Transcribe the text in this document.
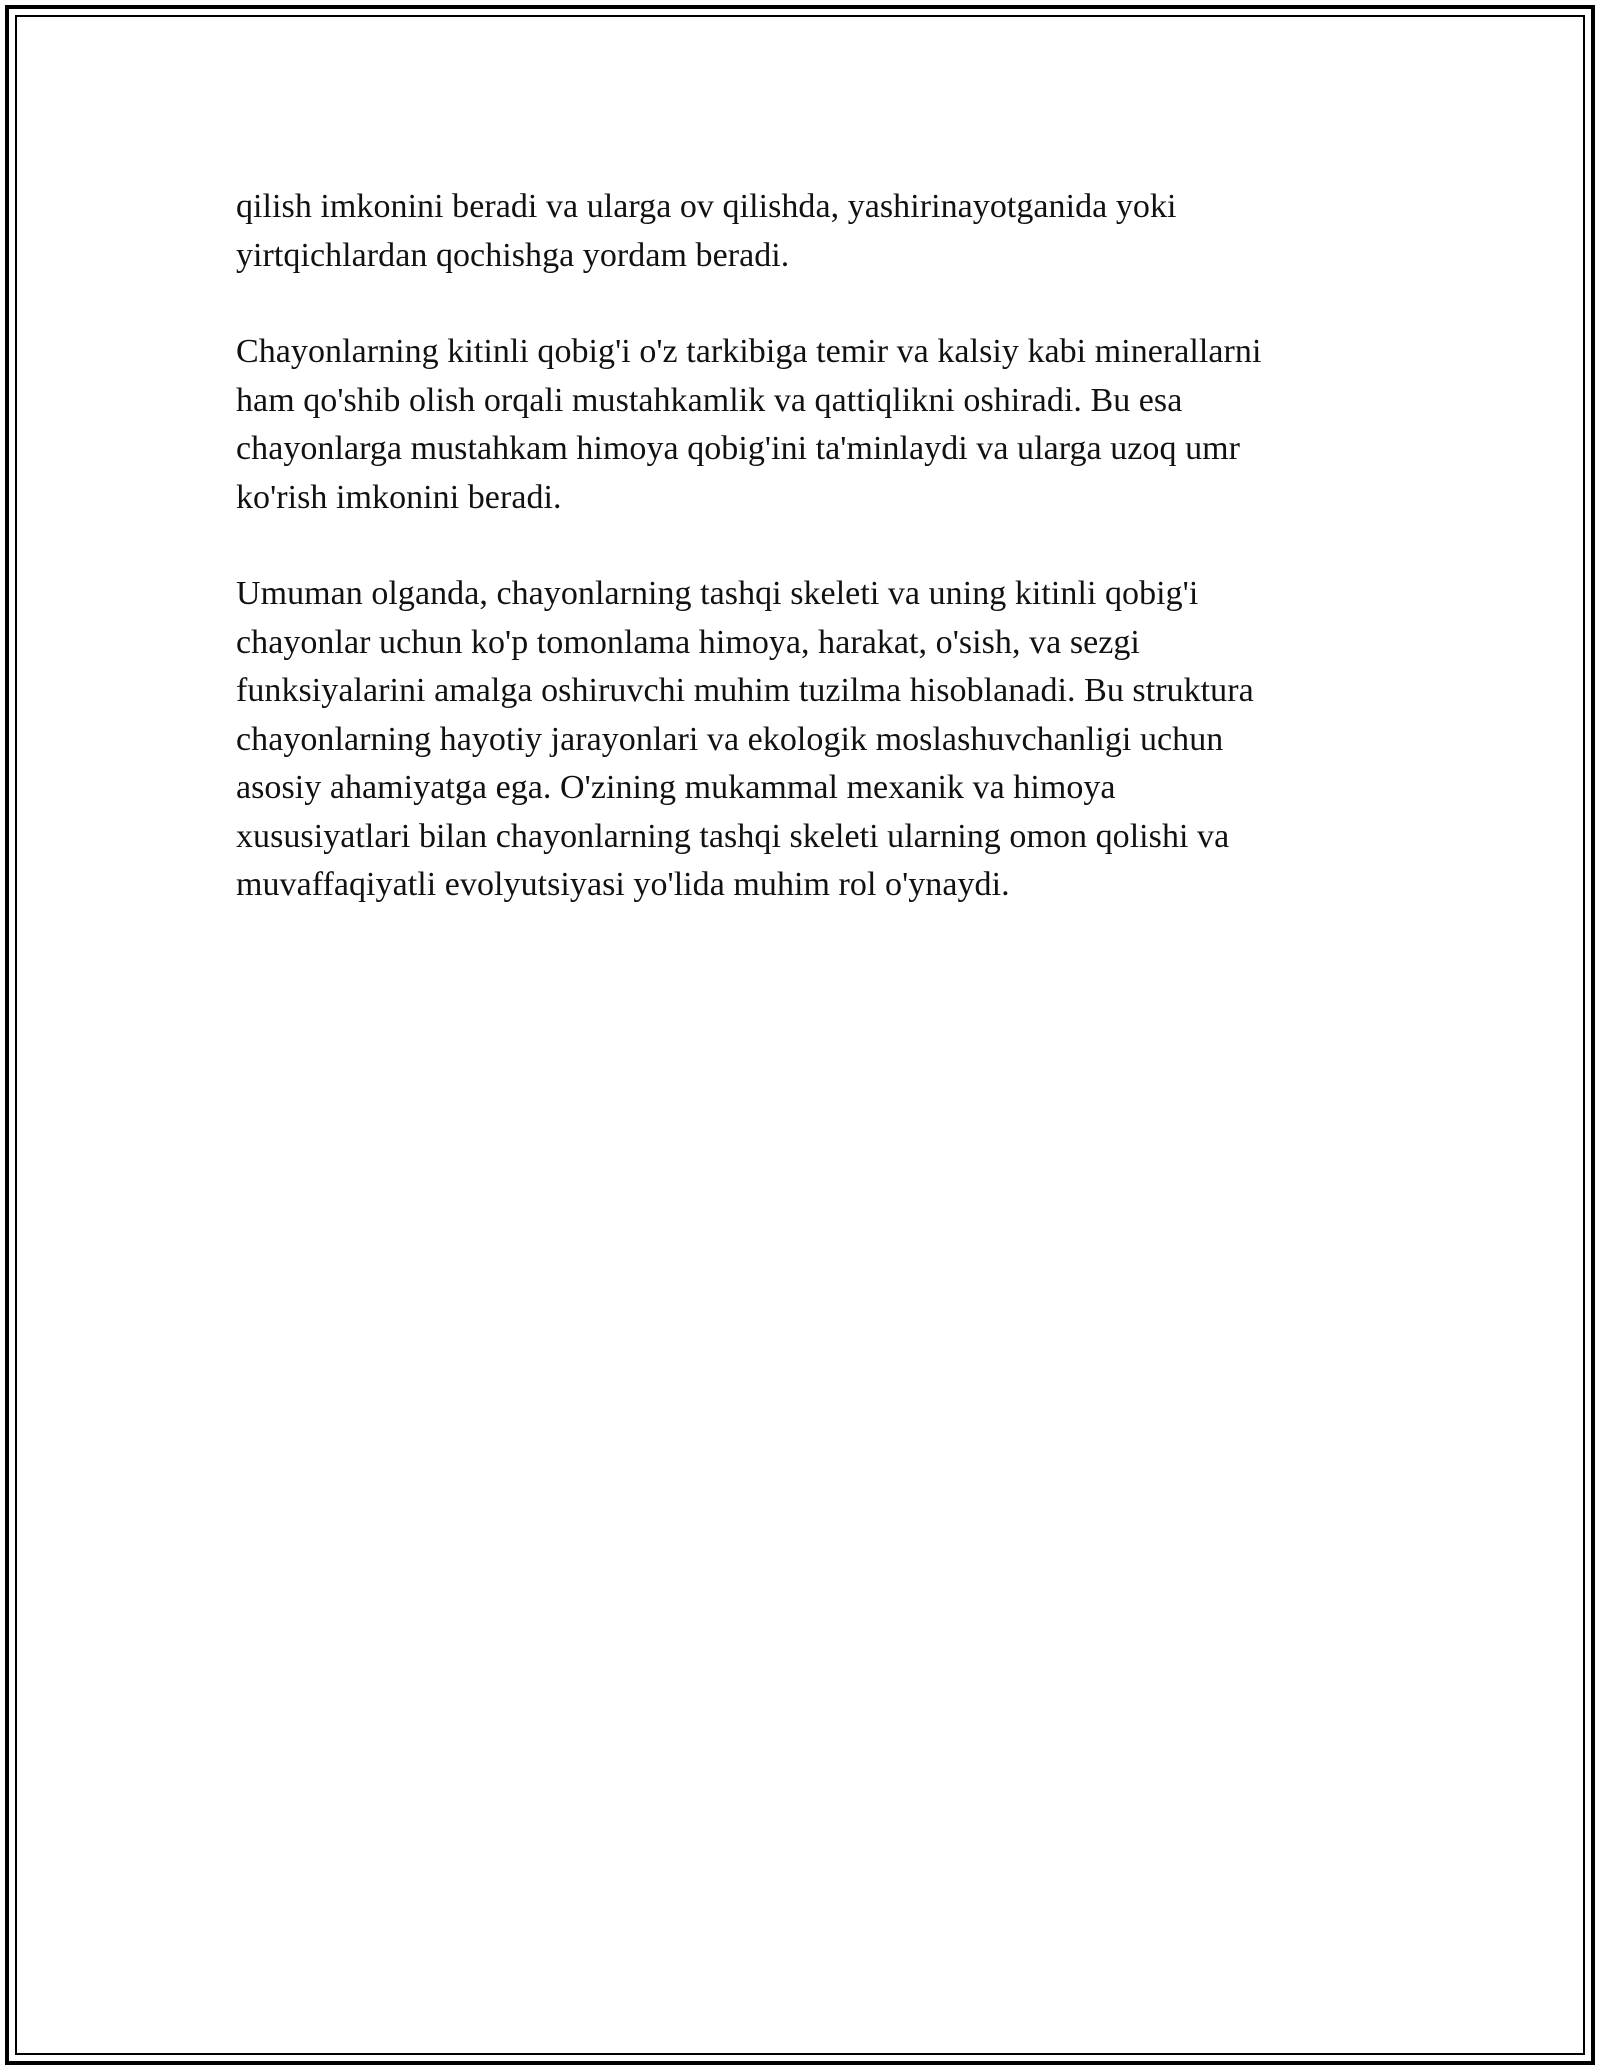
qilish imkonini beradi va ularga ov qilishda, yashirinayotganida yoki
yirtqichlardan qochishga yordam beradi.

Chayonlarning kitinli qobig'i o'z tarkibiga temir va kalsiy kabi minerallarni
ham qo'shib olish orqali mustahkamlik va qattiqlikni oshiradi. Bu esa
chayonlarga mustahkam himoya qobig'ini ta'minlaydi va ularga uzoq umr
ko'rish imkonini beradi.

Umuman olganda, chayonlarning tashqi skeleti va uning kitinli qobig'i
chayonlar uchun ko'p tomonlama himoya, harakat, o'sish, va sezgi
funksiyalarini amalga oshiruvchi muhim tuzilma hisoblanadi. Bu struktura
chayonlarning hayotiy jarayonlari va ekologik moslashuvchanligi uchun
asosiy ahamiyatga ega. O'zining mukammal mexanik va himoya
xususiyatlari bilan chayonlarning tashqi skeleti ularning omon qolishi va
muvaffaqiyatli evolyutsiyasi yo'lida muhim rol o'ynaydi.
